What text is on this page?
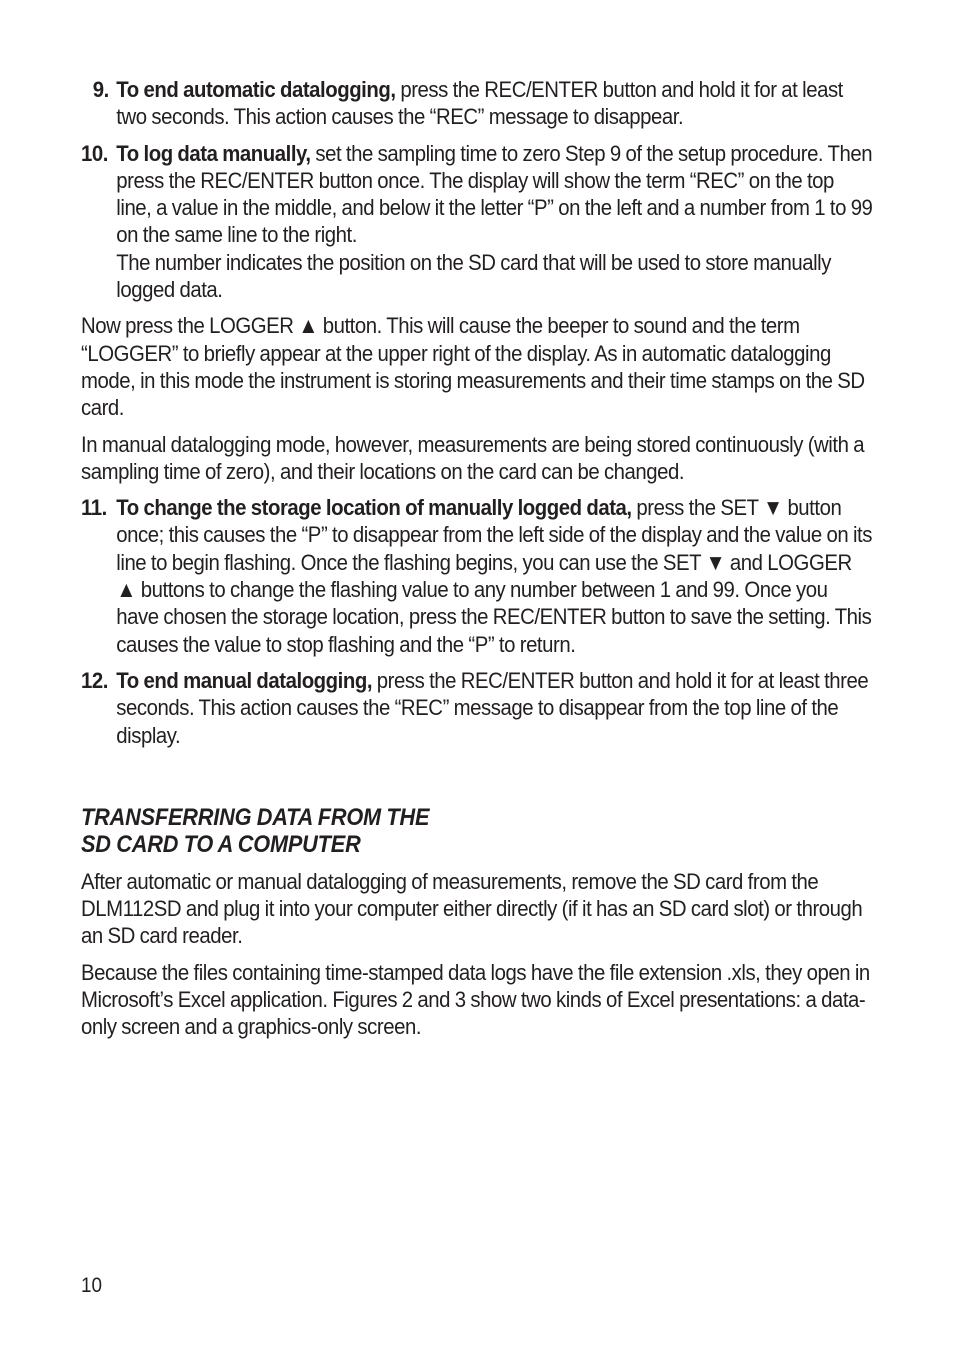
9. To end automatic datalogging, press the REC/ENTER button and hold it for at least two seconds. This action causes the “REC” message to disappear.
10. To log data manually, set the sampling time to zero Step 9 of the setup procedure. Then press the REC/ENTER button once. The display will show the term “REC” on the top line, a value in the middle, and below it the letter “P” on the left and a number from 1 to 99 on the same line to the right.
The number indicates the position on the SD card that will be used to store manually logged data.

Now press the LOGGER ▲ button. This will cause the beeper to sound and the term “LOGGER” to briefly appear at the upper right of the display. As in automatic datalogging mode, in this mode the instrument is storing measurements and their time stamps on the SD card.

In manual datalogging mode, however, measurements are being stored continuously (with a sampling time of zero), and their locations on the card can be changed.

11. To change the storage location of manually logged data, press the SET ▼ button once; this causes the “P” to disappear from the left side of the display and the value on its line to begin flashing. Once the flashing begins, you can use the SET ▼ and LOGGER ▲ buttons to change the flashing value to any number between 1 and 99. Once you have chosen the storage location, press the REC/ENTER button to save the setting. This causes the value to stop flashing and the “P” to return.
12. To end manual datalogging, press the REC/ENTER button and hold it for at least three seconds. This action causes the “REC” message to disappear from the top line of the display.
TRANSFERRING DATA FROM THE
SD CARD TO A COMPUTER

After automatic or manual datalogging of measurements, remove the SD card from the DLM112SD and plug it into your computer either directly (if it has an SD card slot) or through an SD card reader.

Because the files containing time-stamped data logs have the file extension .xls, they open in Microsoft’s Excel application. Figures 2 and 3 show two kinds of Excel presentations: a data-only screen and a graphics-only screen.

10
